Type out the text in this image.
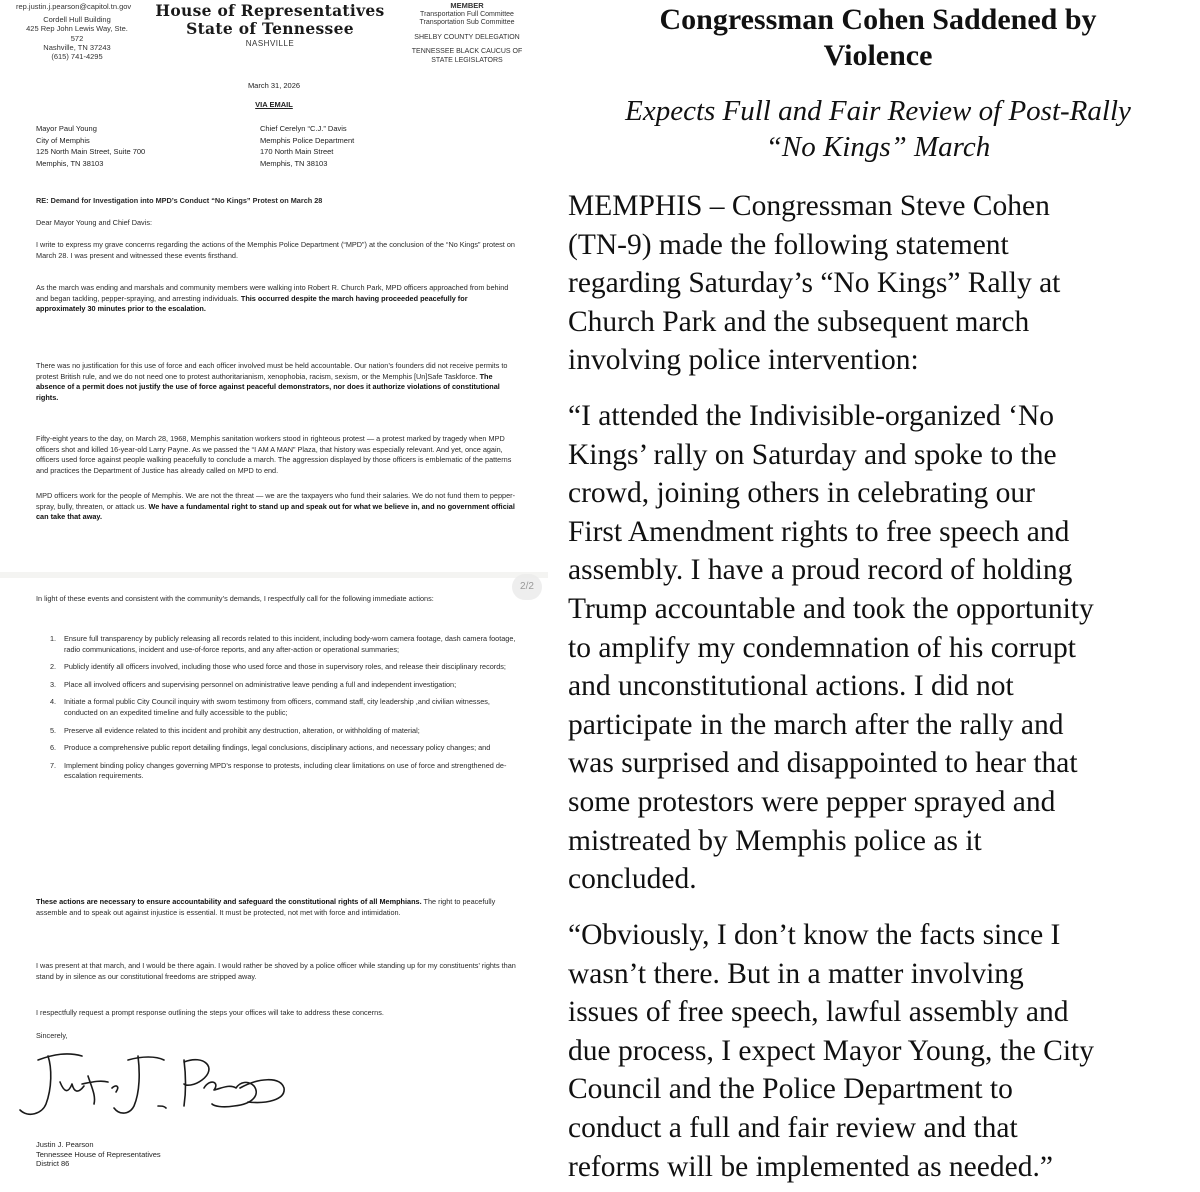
rep.justin.j.pearson@capitol.tn.gov
Cordell Hull Building
425 Rep John Lewis Way, Ste. 572
Nashville, TN 37243
(615) 741-4295
House of Representatives
State of Tennessee
NASHVILLE
MEMBER
Transportation Full Committee
Transportation Sub Committee
SHELBY COUNTY DELEGATION
TENNESSEE BLACK CAUCUS OF
STATE LEGISLATORS
March 31, 2026
VIA EMAIL
Mayor Paul Young
City of Memphis
125 North Main Street, Suite 700
Memphis, TN 38103
Chief Cerelyn “C.J.” Davis
Memphis Police Department
170 North Main Street
Memphis, TN 38103
RE: Demand for Investigation into MPD’s Conduct “No Kings” Protest on March 28
Dear Mayor Young and Chief Davis:
I write to express my grave concerns regarding the actions of the Memphis Police Department (“MPD”) at the conclusion of the “No Kings” protest on March 28. I was present and witnessed these events firsthand.
As the march was ending and marshals and community members were walking into Robert R. Church Park, MPD officers approached from behind and began tackling, pepper-spraying, and arresting individuals. This occurred despite the march having proceeded peacefully for approximately 30 minutes prior to the escalation.
There was no justification for this use of force and each officer involved must be held accountable. Our nation’s founders did not receive permits to protest British rule, and we do not need one to protest authoritarianism, xenophobia, racism, sexism, or the Memphis [Un]Safe Taskforce. The absence of a permit does not justify the use of force against peaceful demonstrators, nor does it authorize violations of constitutional rights.
Fifty-eight years to the day, on March 28, 1968, Memphis sanitation workers stood in righteous protest — a protest marked by tragedy when MPD officers shot and killed 16-year-old Larry Payne. As we passed the “I AM A MAN” Plaza, that history was especially relevant. And yet, once again, officers used force against people walking peacefully to conclude a march. The aggression displayed by those officers is emblematic of the patterns and practices the Department of Justice has already called on MPD to end.
MPD officers work for the people of Memphis. We are not the threat — we are the taxpayers who fund their salaries. We do not fund them to pepper-spray, bully, threaten, or attack us. We have a fundamental right to stand up and speak out for what we believe in, and no government official can take that away.
2/2
In light of these events and consistent with the community’s demands, I respectfully call for the following immediate actions:
1. Ensure full transparency by publicly releasing all records related to this incident, including body-worn camera footage, dash camera footage, radio communications, incident and use-of-force reports, and any after-action or operational summaries;
2. Publicly identify all officers involved, including those who used force and those in supervisory roles, and release their disciplinary records;
3. Place all involved officers and supervising personnel on administrative leave pending a full and independent investigation;
4. Initiate a formal public City Council inquiry with sworn testimony from officers, command staff, city leadership ,and civilian witnesses, conducted on an expedited timeline and fully accessible to the public;
5. Preserve all evidence related to this incident and prohibit any destruction, alteration, or withholding of material;
6. Produce a comprehensive public report detailing findings, legal conclusions, disciplinary actions, and necessary policy changes; and
7. Implement binding policy changes governing MPD’s response to protests, including clear limitations on use of force and strengthened de-escalation requirements.
These actions are necessary to ensure accountability and safeguard the constitutional rights of all Memphians. The right to peacefully assemble and to speak out against injustice is essential. It must be protected, not met with force and intimidation.
I was present at that march, and I would be there again. I would rather be shoved by a police officer while standing up for my constituents’ rights than stand by in silence as our constitutional freedoms are stripped away.
I respectfully request a prompt response outlining the steps your offices will take to address these concerns.
Sincerely,
Justin J. Pearson
Tennessee House of Representatives
District 86
Congressman Cohen Saddened by
Violence
Expects Full and Fair Review of Post-Rally
“No Kings” March
MEMPHIS – Congressman Steve Cohen
(TN-9) made the following statement
regarding Saturday’s “No Kings” Rally at
Church Park and the subsequent march
involving police intervention:
“I attended the Indivisible-organized ‘No
Kings’ rally on Saturday and spoke to the
crowd, joining others in celebrating our
First Amendment rights to free speech and
assembly. I have a proud record of holding
Trump accountable and took the opportunity
to amplify my condemnation of his corrupt
and unconstitutional actions. I did not
participate in the march after the rally and
was surprised and disappointed to hear that
some protestors were pepper sprayed and
mistreated by Memphis police as it
concluded.
“Obviously, I don’t know the facts since I
wasn’t there. But in a matter involving
issues of free speech, lawful assembly and
due process, I expect Mayor Young, the City
Council and the Police Department to
conduct a full and fair review and that
reforms will be implemented as needed.”
